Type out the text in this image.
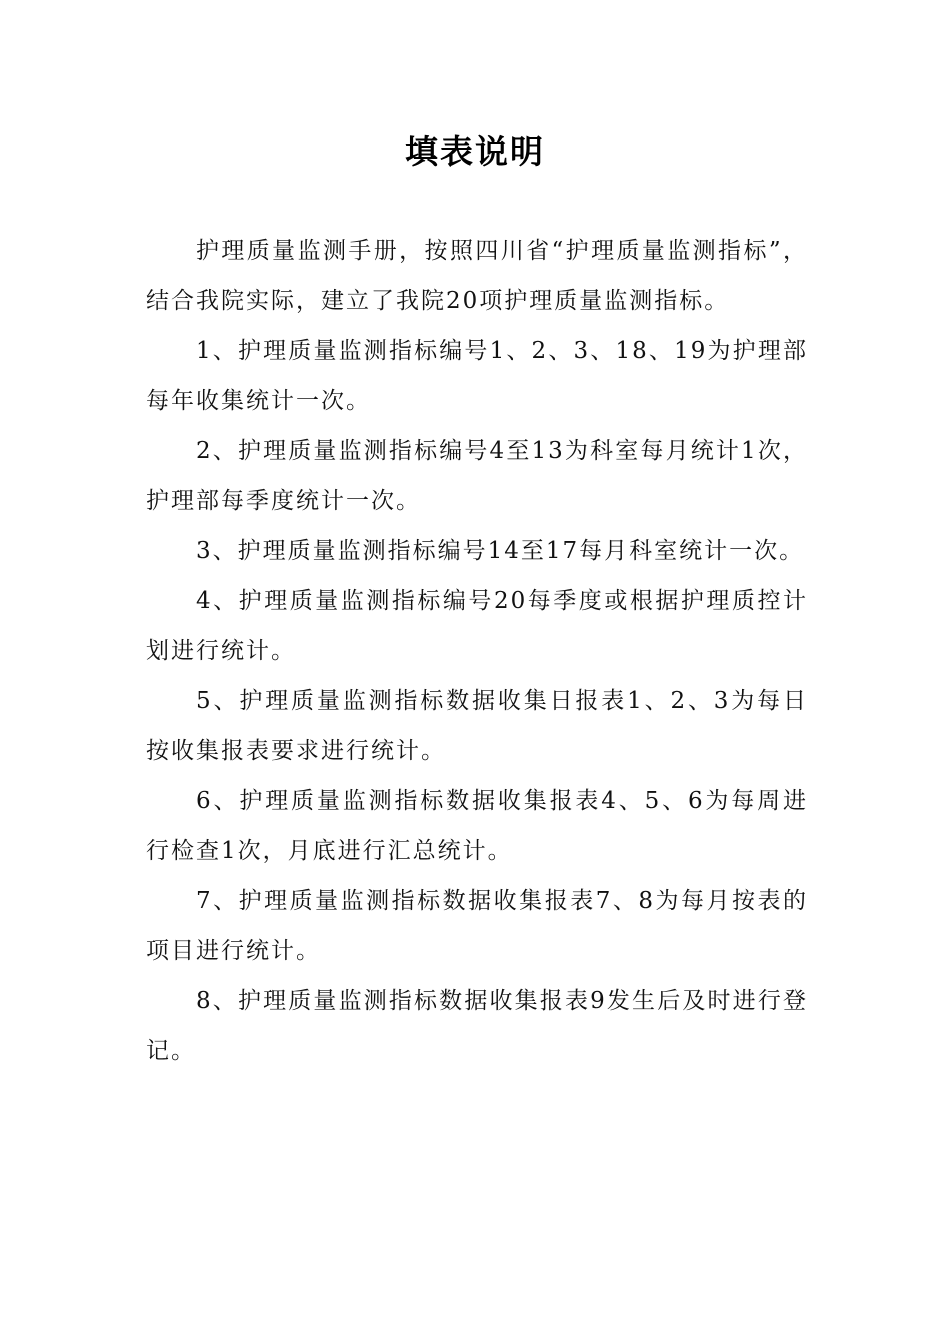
填表说明

护理质量监测手册，按照四川省“护理质量监测指标”，结合我院实际，建立了我院20项护理质量监测指标。

1、护理质量监测指标编号1、2、3、18、19为护理部每年收集统计一次。

2、护理质量监测指标编号4至13为科室每月统计1次，护理部每季度统计一次。

3、护理质量监测指标编号14至17每月科室统计一次。

4、护理质量监测指标编号20每季度或根据护理质控计划进行统计。

5、护理质量监测指标数据收集日报表1、2、3为每日按收集报表要求进行统计。

6、护理质量监测指标数据收集报表4、5、6为每周进行检查1次，月底进行汇总统计。

7、护理质量监测指标数据收集报表7、8为每月按表的项目进行统计。

8、护理质量监测指标数据收集报表9发生后及时进行登记。
